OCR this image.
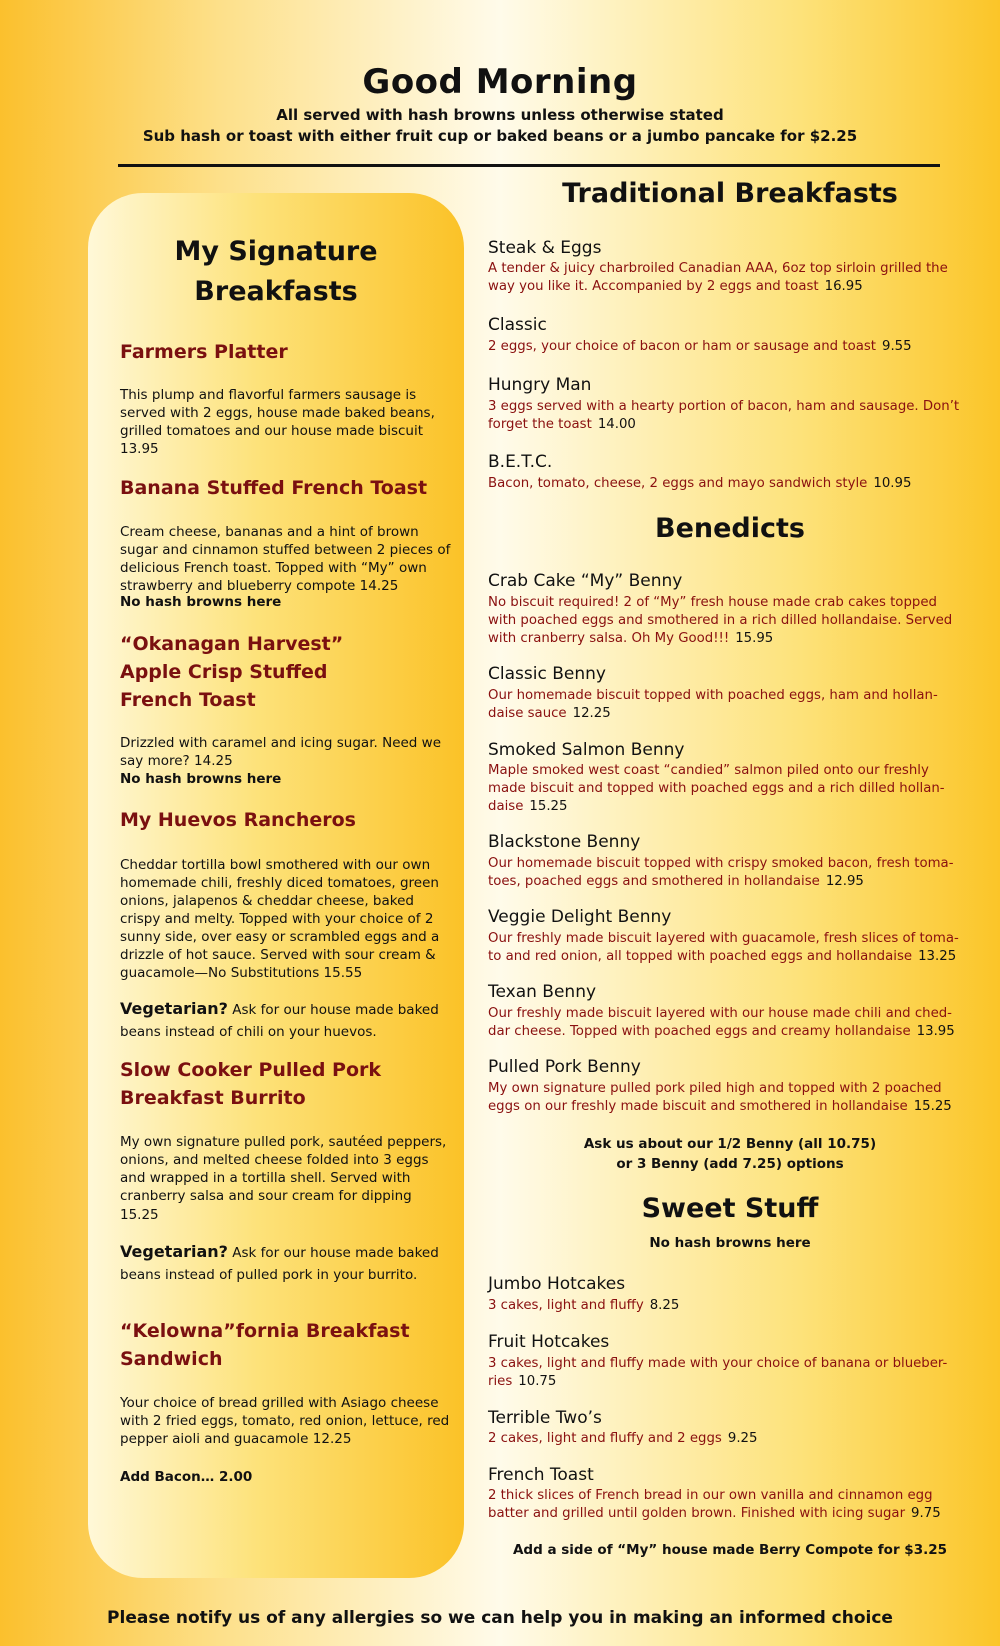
Good Morning
All served with hash browns unless otherwise stated
Sub hash or toast with either fruit cup or baked beans or a jumbo pancake for $2.25
My Signature
Breakfasts
Farmers Platter
This plump and flavorful farmers sausage is served with 2 eggs, house made baked beans, grilled tomatoes and our house made biscuit 13.95
Banana Stuffed French Toast
Cream cheese, bananas and a hint of brown sugar and cinnamon stuffed between 2 pieces of delicious French toast. Topped with “My” own strawberry and blueberry compote 14.25
No hash browns here
“Okanagan Harvest”
Apple Crisp Stuffed
French Toast
Drizzled with caramel and icing sugar. Need we say more? 14.25
No hash browns here
My Huevos Rancheros
Cheddar tortilla bowl smothered with our own homemade chili, freshly diced tomatoes, green onions, jalapenos & cheddar cheese, baked crispy and melty. Topped with your choice of 2 sunny side, over easy or scrambled eggs and a drizzle of hot sauce. Served with sour cream & guacamole—No Substitutions 15.55
Vegetarian? Ask for our house made baked beans instead of chili on your huevos.
Slow Cooker Pulled Pork
Breakfast Burrito
My own signature pulled pork, sautéed peppers, onions, and melted cheese folded into 3 eggs and wrapped in a tortilla shell. Served with cranberry salsa and sour cream for dipping
15.25
Vegetarian? Ask for our house made baked beans instead of pulled pork in your burrito.
“Kelowna”fornia Breakfast
Sandwich
Your choice of bread grilled with Asiago cheese with 2 fried eggs, tomato, red onion, lettuce, red pepper aioli and guacamole 12.25
Add Bacon… 2.00
Traditional Breakfasts
Steak & Eggs
A tender & juicy charbroiled Canadian AAA, 6oz top sirloin grilled the way you like it. Accompanied by 2 eggs and toast 16.95
Classic
2 eggs, your choice of bacon or ham or sausage and toast 9.55
Hungry Man
3 eggs served with a hearty portion of bacon, ham and sausage. Don’t forget the toast 14.00
B.E.T.C.
Bacon, tomato, cheese, 2 eggs and mayo sandwich style 10.95
Benedicts
Crab Cake “My” Benny
No biscuit required! 2 of “My” fresh house made crab cakes topped with poached eggs and smothered in a rich dilled hollandaise. Served with cranberry salsa. Oh My Good!!! 15.95
Classic Benny
Our homemade biscuit topped with poached eggs, ham and hollan-daise sauce 12.25
Smoked Salmon Benny
Maple smoked west coast “candied” salmon piled onto our freshly made biscuit and topped with poached eggs and a rich dilled hollan-daise 15.25
Blackstone Benny
Our homemade biscuit topped with crispy smoked bacon, fresh toma-toes, poached eggs and smothered in hollandaise 12.95
Veggie Delight Benny
Our freshly made biscuit layered with guacamole, fresh slices of toma-to and red onion, all topped with poached eggs and hollandaise 13.25
Texan Benny
Our freshly made biscuit layered with our house made chili and ched-dar cheese. Topped with poached eggs and creamy hollandaise 13.95
Pulled Pork Benny
My own signature pulled pork piled high and topped with 2 poached eggs on our freshly made biscuit and smothered in hollandaise 15.25
Ask us about our 1/2 Benny (all 10.75)
or 3 Benny (add 7.25) options
Sweet Stuff
No hash browns here
Jumbo Hotcakes
3 cakes, light and fluffy 8.25
Fruit Hotcakes
3 cakes, light and fluffy made with your choice of banana or blueber-ries 10.75
Terrible Two’s
2 cakes, light and fluffy and 2 eggs 9.25
French Toast
2 thick slices of French bread in our own vanilla and cinnamon egg batter and grilled until golden brown. Finished with icing sugar 9.75
Add a side of “My” house made Berry Compote for $3.25
Please notify us of any allergies so we can help you in making an informed choice
